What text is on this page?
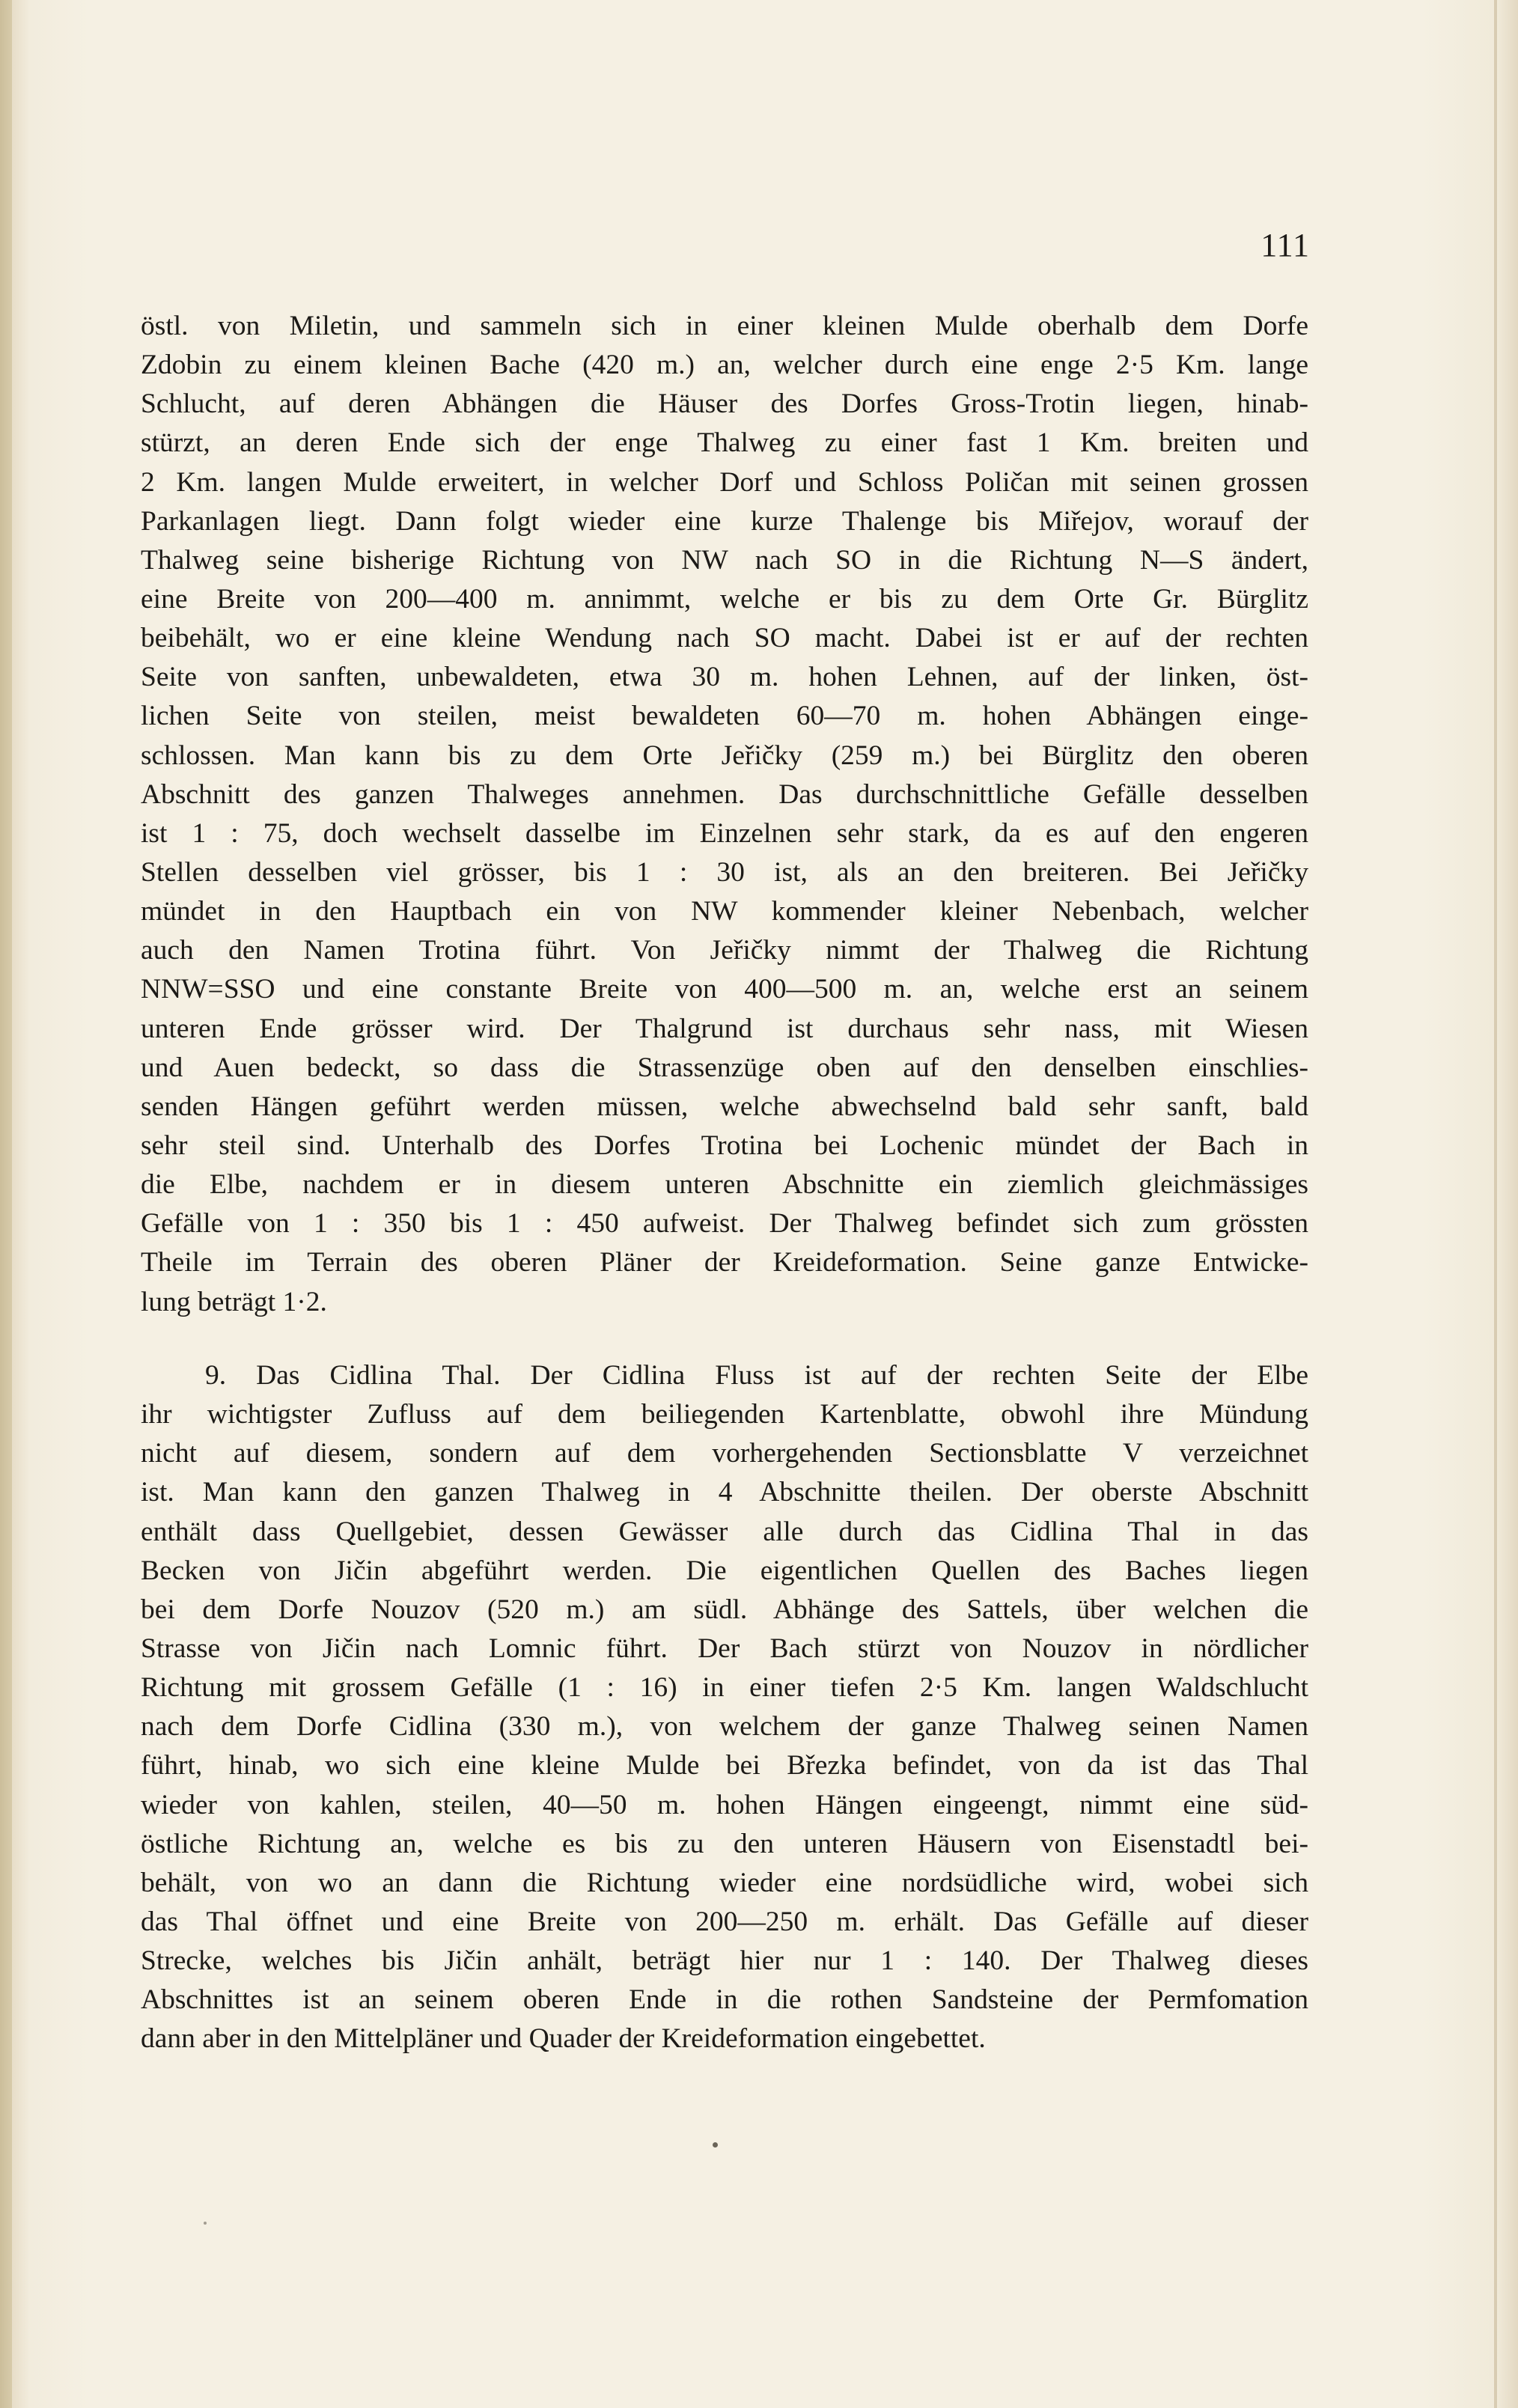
111
östl. von Miletin, und sammeln sich in einer kleinen Mulde oberhalb dem Dorfe
Zdobin zu einem kleinen Bache (420 m.) an, welcher durch eine enge 2·5 Km. lange
Schlucht, auf deren Abhängen die Häuser des Dorfes Gross-Trotin liegen, hinab-
stürzt, an deren Ende sich der enge Thalweg zu einer fast 1 Km. breiten und
2 Km. langen Mulde erweitert, in welcher Dorf und Schloss Poličan mit seinen grossen
Parkanlagen liegt. Dann folgt wieder eine kurze Thalenge bis Miřejov, worauf der
Thalweg seine bisherige Richtung von NW nach SO in die Richtung N—S ändert,
eine Breite von 200—400 m. annimmt, welche er bis zu dem Orte Gr. Bürglitz
beibehält, wo er eine kleine Wendung nach SO macht. Dabei ist er auf der rechten
Seite von sanften, unbewaldeten, etwa 30 m. hohen Lehnen, auf der linken, öst-
lichen Seite von steilen, meist bewaldeten 60—70 m. hohen Abhängen einge-
schlossen. Man kann bis zu dem Orte Jeřičky (259 m.) bei Bürglitz den oberen
Abschnitt des ganzen Thalweges annehmen. Das durchschnittliche Gefälle desselben
ist 1 : 75, doch wechselt dasselbe im Einzelnen sehr stark, da es auf den engeren
Stellen desselben viel grösser, bis 1 : 30 ist, als an den breiteren. Bei Jeřičky
mündet in den Hauptbach ein von NW kommender kleiner Nebenbach, welcher
auch den Namen Trotina führt. Von Jeřičky nimmt der Thalweg die Richtung
NNW=SSO und eine constante Breite von 400—500 m. an, welche erst an seinem
unteren Ende grösser wird. Der Thalgrund ist durchaus sehr nass, mit Wiesen
und Auen bedeckt, so dass die Strassenzüge oben auf den denselben einschlies-
senden Hängen geführt werden müssen, welche abwechselnd bald sehr sanft, bald
sehr steil sind. Unterhalb des Dorfes Trotina bei Lochenic mündet der Bach in
die Elbe, nachdem er in diesem unteren Abschnitte ein ziemlich gleichmässiges
Gefälle von 1 : 350 bis 1 : 450 aufweist. Der Thalweg befindet sich zum grössten
Theile im Terrain des oberen Pläner der Kreideformation. Seine ganze Entwicke-
lung beträgt 1·2.
9. Das Cidlina Thal. Der Cidlina Fluss ist auf der rechten Seite der Elbe
ihr wichtigster Zufluss auf dem beiliegenden Kartenblatte, obwohl ihre Mündung
nicht auf diesem, sondern auf dem vorhergehenden Sectionsblatte V verzeichnet
ist. Man kann den ganzen Thalweg in 4 Abschnitte theilen. Der oberste Abschnitt
enthält dass Quellgebiet, dessen Gewässer alle durch das Cidlina Thal in das
Becken von Jičin abgeführt werden. Die eigentlichen Quellen des Baches liegen
bei dem Dorfe Nouzov (520 m.) am südl. Abhänge des Sattels, über welchen die
Strasse von Jičin nach Lomnic führt. Der Bach stürzt von Nouzov in nördlicher
Richtung mit grossem Gefälle (1 : 16) in einer tiefen 2·5 Km. langen Waldschlucht
nach dem Dorfe Cidlina (330 m.), von welchem der ganze Thalweg seinen Namen
führt, hinab, wo sich eine kleine Mulde bei Březka befindet, von da ist das Thal
wieder von kahlen, steilen, 40—50 m. hohen Hängen eingeengt, nimmt eine süd-
östliche Richtung an, welche es bis zu den unteren Häusern von Eisenstadtl bei-
behält, von wo an dann die Richtung wieder eine nordsüdliche wird, wobei sich
das Thal öffnet und eine Breite von 200—250 m. erhält. Das Gefälle auf dieser
Strecke, welches bis Jičin anhält, beträgt hier nur 1 : 140. Der Thalweg dieses
Abschnittes ist an seinem oberen Ende in die rothen Sandsteine der Permfomation
dann aber in den Mittelpläner und Quader der Kreideformation eingebettet.
